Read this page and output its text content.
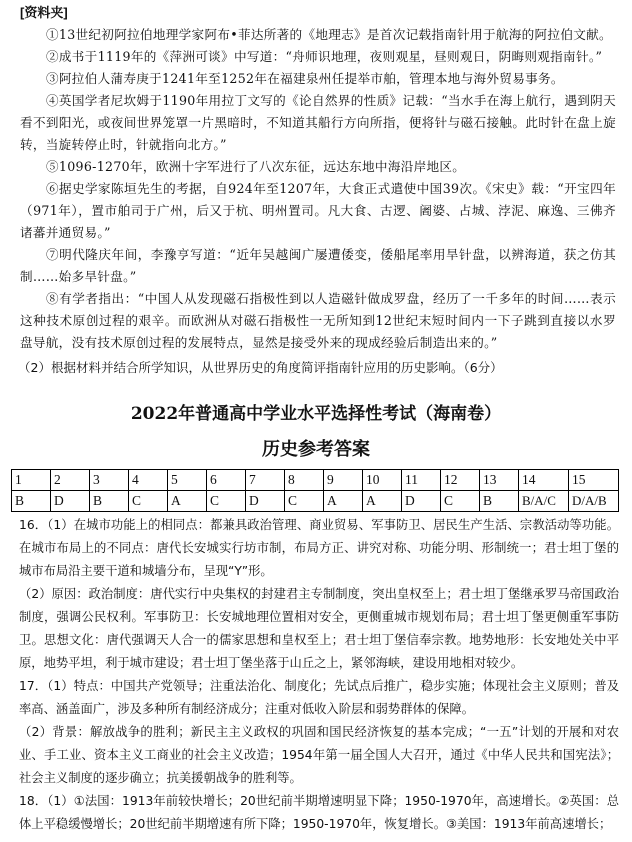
[资料夹]

①13世纪初阿拉伯地理学家阿布•菲达所著的《地理志》是首次记载指南针用于航海的阿拉伯文献。

②成书于1119年的《萍洲可谈》中写道：“舟师识地理，夜则观星，昼则观日，阴晦则观指南针。”

③阿拉伯人蒲寿庚于1241年至1252年在福建泉州任提举市舶，管理本地与海外贸易事务。

④英国学者尼坎姆于1190年用拉丁文写的《论自然界的性质》记载：“当水手在海上航行，遇到阴天看不到阳光，或夜间世界笼罩一片黑暗时，不知道其船行方向所指，便将针与磁石接触。此时针在盘上旋转，当旋转停止时，针就指向北方。”

⑤1096-1270年，欧洲十字军进行了八次东征，远达东地中海沿岸地区。

⑥据史学家陈垣先生的考据，自924年至1207年，大食正式遣使中国39次。《宋史》载：“开宝四年（971年），置市舶司于广州，后又于杭、明州置司。凡大食、古逻、阇婆、占城、浡泥、麻逸、三佛齐诸蕃并通贸易。”

⑦明代隆庆年间，李豫亨写道：“近年吴越闽广屡遭倭变，倭船尾率用旱针盘，以辨海道，获之仿其制……始多旱针盘。”

⑧有学者指出：“中国人从发现磁石指极性到以人造磁针做成罗盘，经历了一千多年的时间……表示这种技术原创过程的艰辛。而欧洲从对磁石指极性一无所知到12世纪末短时间内一下子跳到直接以水罗盘导航，没有技术原创过程的发展特点，显然是接受外来的现成经验后制造出来的。”

（2）根据材料并结合所学知识，从世界历史的角度简评指南针应用的历史影响。（6分）

2022年普通高中学业水平选择性考试（海南卷）
历史参考答案
1	2	3	4	5	6	7	8	9	10	11	12	13	14	15
B	D	B	C	A	C	D	C	A	A	D	C	B	B/A/C	D/A/B

16．（1）在城市功能上的相同点：都兼具政治管理、商业贸易、军事防卫、居民生产生活、宗教活动等功能。在城市布局上的不同点：唐代长安城实行坊市制，布局方正、讲究对称、功能分明、形制统一；君士坦丁堡的城市布局沿主要干道和城墙分布，呈现“Y”形。

（2）原因：政治制度：唐代实行中央集权的封建君主专制制度，突出皇权至上；君士坦丁堡继承罗马帝国政治制度，强调公民权利。军事防卫：长安城地理位置相对安全，更侧重城市规划布局；君士坦丁堡更侧重军事防卫。思想文化：唐代强调天人合一的儒家思想和皇权至上；君士坦丁堡信奉宗教。地势地形：长安地处关中平原，地势平坦，利于城市建设；君士坦丁堡坐落于山丘之上，紧邻海峡，建设用地相对较少。

17．（1）特点：中国共产党领导；注重法治化、制度化；先试点后推广，稳步实施；体现社会主义原则；普及率高、涵盖面广，涉及多种所有制经济成分；注重对低收入阶层和弱势群体的保障。

（2）背景：解放战争的胜利；新民主主义政权的巩固和国民经济恢复的基本完成；“一五”计划的开展和对农业、手工业、资本主义工商业的社会主义改造；1954年第一届全国人大召开，通过《中华人民共和国宪法》；社会主义制度的逐步确立；抗美援朝战争的胜利等。

18．（1）①法国：1913年前较快增长；20世纪前半期增速明显下降；1950-1970年，高速增长。②英国：总体上平稳缓慢增长；20世纪前半期增速有所下降；1950-1970年，恢复增长。③美国：1913年前高速增长；
